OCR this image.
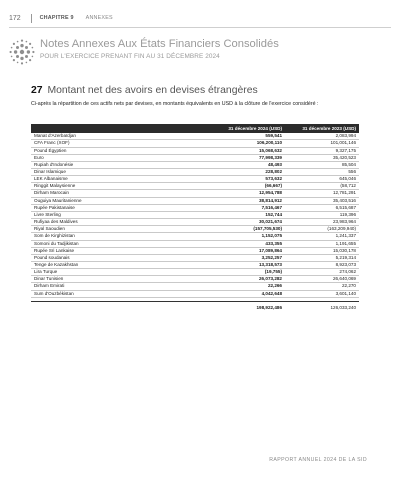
172	CHAPITRE 9 ANNEXES
Notes Annexes Aux États Financiers Consolidés
POUR L'EXERCICE PRENANT FIN AU 31 DÉCEMBRE 2024
27 Montant net des avoirs en devises étrangères
Ci-après la répartition de ces actifs nets par devises, en montants équivalents en USD à la clôture de l'exercice considéré :
	31 décembre 2024 (USD)	31 décembre 2023 (USD)
Manat d'Azerbaïdjan	559,541	2,083,994
CFA Franc (XOF)	106,200,110	101,001,146
Pound Égyptien	15,068,632	9,327,175
Euro	77,998,339	35,420,523
Rupiah d'Indonésie	48,493	85,504
Dinar Islamique	228,802	556
LEK Albanaisme	573,632	645,046
Ringgit Malaysienne	(66,667)	(58,712
Dirham Marocain	12,954,788	12,781,291
Ouguiya Mauritanienne	38,814,912	35,403,516
Rupée Pakistanaise	7,516,467	6,515,687
Livre Sterling	152,744	119,396
Rufiyaa des Maldives	30,021,674	23,983,964
Riyal Saoudien	(157,705,530)	(163,209,940)
Som de Kirghizistan	1,152,075	1,241,337
Somoni du Tadjikistan	433,355	1,191,655
Rupée Sri Lankaise	17,089,864	15,030,178
Pound soudanais	3,252,257	5,219,314
Tenge de Kazakhstan	13,318,573	8,923,073
Lira Turque	(19,755)	274,062
Dinar Tunisien	26,073,282	26,640,069
Dirham Emirati	22,266	22,270
Sum d'Ouzbékistan	4,042,648	3,601,140

	198,922,486	126,033,240
RAPPORT ANNUEL 2024 DE LA SID
